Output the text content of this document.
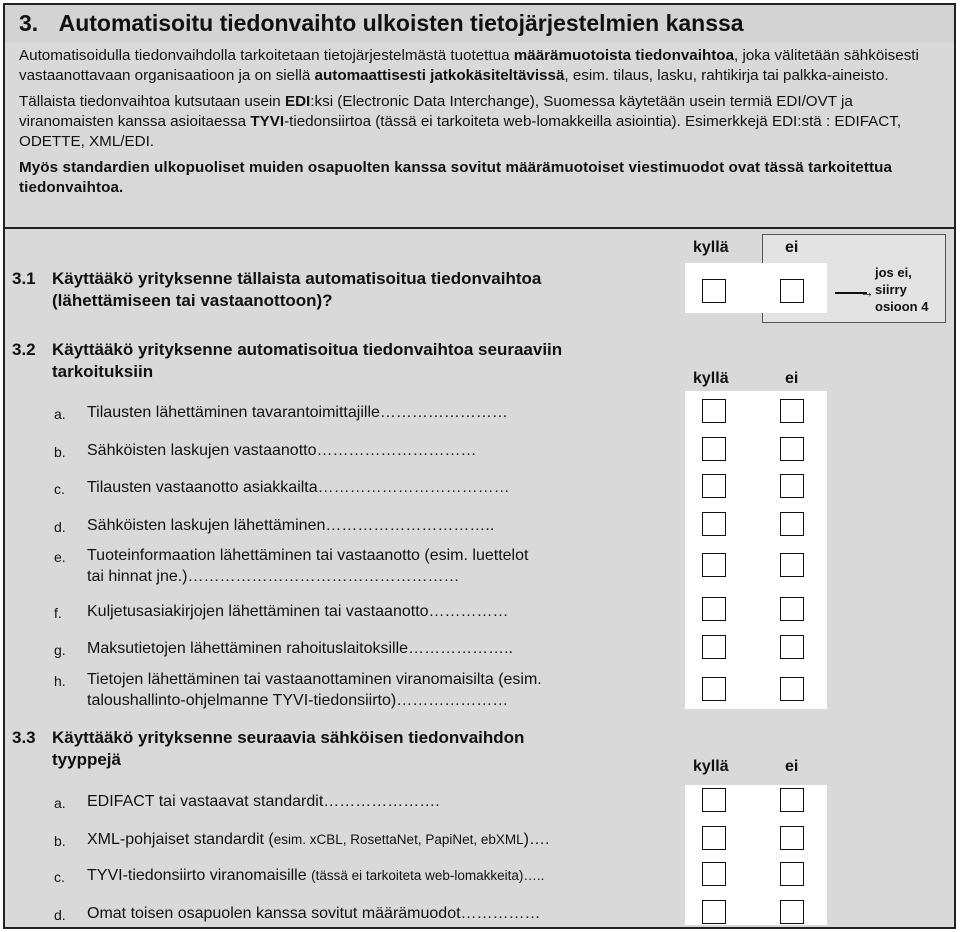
3. Automatisoitu tiedonvaihto ulkoisten tietojärjestelmien kanssa

Automatisoidulla tiedonvaihdolla tarkoitetaan tietojärjestelmästä tuotettua määrämuotoista tiedonvaihtoa, joka välitetään sähköisesti vastaanottavaan organisaatioon ja on siellä automaattisesti jatkokäsiteltävissä, esim. tilaus, lasku, rahtikirja tai palkka-aineisto.

Tällaista tiedonvaihtoa kutsutaan usein EDI:ksi (Electronic Data Interchange), Suomessa käytetään usein termiä EDI/OVT ja viranomaisten kanssa asioitaessa TYVI-tiedonsiirtoa (tässä ei tarkoiteta web-lomakkeilla asiointia). Esimerkkejä EDI:stä : EDIFACT, ODETTE, XML/EDI.

Myös standardien ulkopuoliset muiden osapuolten kanssa sovitut määrämuotoiset viestimuodot ovat tässä tarkoitettua tiedonvaihtoa.

kyllä	ei
3.1 Käyttääkö yrityksenne tällaista automatisoitua tiedonvaihtoa
(lähettämiseen tai vastaanottoon)?	→
jos ei,
siirry
osioon 4
3.2 Käyttääkö yrityksenne automatisoitua tiedonvaihtoa seuraaviin
tarkoituksiin	kyllä	ei
a. Tilausten lähettäminen tavarantoimittajille……………………
b. Sähköisten laskujen vastaanotto…………………………
c. Tilausten vastaanotto asiakkailta………………………………
d. Sähköisten laskujen lähettäminen…………………………..
e. Tuoteinformaation lähettäminen tai vastaanotto (esim. luettelot
tai hinnat jne.)……………………………………………
f. Kuljetusasiakirjojen lähettäminen tai vastaanotto……………
g. Maksutietojen lähettäminen rahoituslaitoksille………………..
h. Tietojen lähettäminen tai vastaanottaminen viranomaisilta (esim.
taloushallinto-ohjelmanne TYVI-tiedonsiirto)…………………
3.3 Käyttääkö yrityksenne seuraavia sähköisen tiedonvaihdon
tyyppejä	kyllä	ei
a. EDIFACT tai vastaavat standardit………………….
b. XML-pohjaiset standardit (esim. xCBL, RosettaNet, PapiNet, ebXML)….
c. TYVI-tiedonsiirto viranomaisille (tässä ei tarkoiteta web-lomakkeita)…..
d. Omat toisen osapuolen kanssa sovitut määrämuodot……………
